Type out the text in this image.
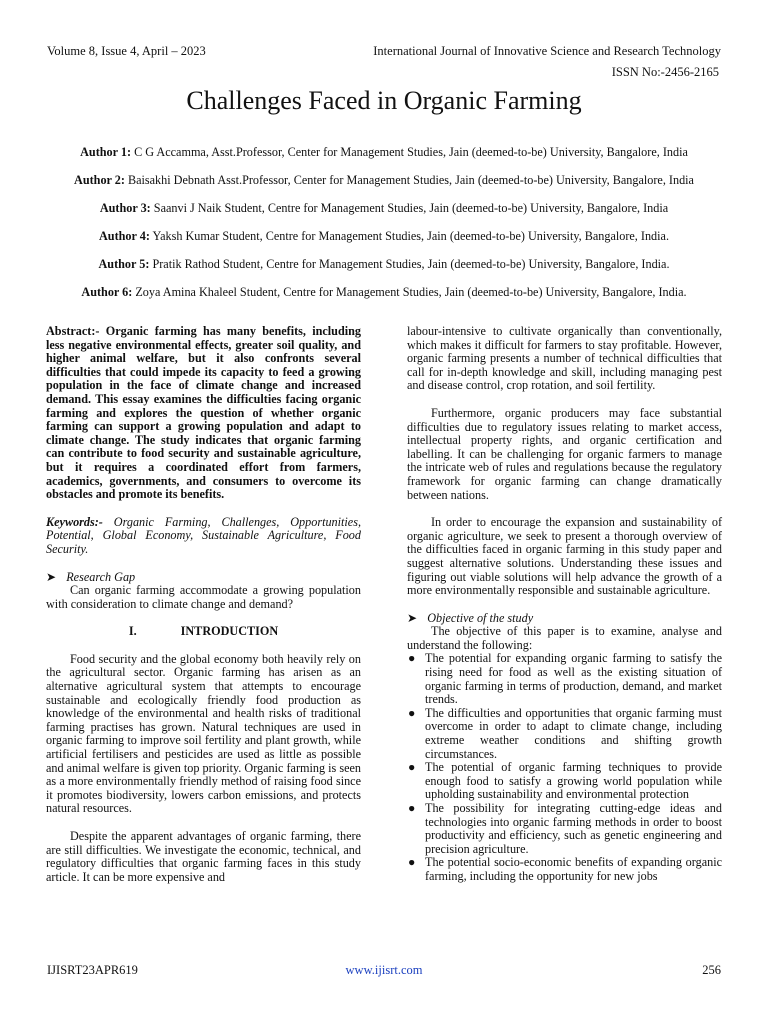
Volume 8, Issue 4, April – 2023	International Journal of Innovative Science and Research Technology
ISSN No:-2456-2165
Challenges Faced in Organic Farming
Author 1: C G Accamma, Asst.Professor, Center for Management Studies, Jain (deemed-to-be) University, Bangalore, India
Author 2: Baisakhi Debnath Asst.Professor, Center for Management Studies, Jain (deemed-to-be) University, Bangalore, India
Author 3: Saanvi J Naik Student, Centre for Management Studies, Jain (deemed-to-be) University, Bangalore, India
Author 4: Yaksh Kumar Student, Centre for Management Studies, Jain (deemed-to-be) University, Bangalore, India.
Author 5: Pratik Rathod Student, Centre for Management Studies, Jain (deemed-to-be) University, Bangalore, India.
Author 6: Zoya Amina Khaleel Student, Centre for Management Studies, Jain (deemed-to-be) University, Bangalore, India.

Abstract:- Organic farming has many benefits, including less negative environmental effects, greater soil quality, and higher animal welfare, but it also confronts several difficulties that could impede its capacity to feed a growing population in the face of climate change and increased demand. This essay examines the difficulties facing organic farming and explores the question of whether organic farming can support a growing population and adapt to climate change. The study indicates that organic farming can contribute to food security and sustainable agriculture, but it requires a coordinated effort from farmers, academics, governments, and consumers to overcome its obstacles and promote its benefits.

Keywords:- Organic Farming, Challenges, Opportunities, Potential, Global Economy, Sustainable Agriculture, Food Security.

➤ Research Gap

Can organic farming accommodate a growing population with consideration to climate change and demand?

I.	INTRODUCTION

Food security and the global economy both heavily rely on the agricultural sector. Organic farming has arisen as an alternative agricultural system that attempts to encourage sustainable and ecologically friendly food production as knowledge of the environmental and health risks of traditional farming practises has grown. Natural techniques are used in organic farming to improve soil fertility and plant growth, while artificial fertilisers and pesticides are used as little as possible and animal welfare is given top priority. Organic farming is seen as a more environmentally friendly method of raising food since it promotes biodiversity, lowers carbon emissions, and protects natural resources.

Despite the apparent advantages of organic farming, there are still difficulties. We investigate the economic, technical, and regulatory difficulties that organic farming faces in this study article. It can be more expensive and

labour-intensive to cultivate organically than conventionally, which makes it difficult for farmers to stay profitable. However, organic farming presents a number of technical difficulties that call for in-depth knowledge and skill, including managing pest and disease control, crop rotation, and soil fertility.

Furthermore, organic producers may face substantial difficulties due to regulatory issues relating to market access, intellectual property rights, and organic certification and labelling. It can be challenging for organic farmers to manage the intricate web of rules and regulations because the regulatory framework for organic farming can change dramatically between nations.

In order to encourage the expansion and sustainability of organic agriculture, we seek to present a thorough overview of the difficulties faced in organic farming in this study paper and suggest alternative solutions. Understanding these issues and figuring out viable solutions will help advance the growth of a more environmentally responsible and sustainable agriculture.

➤ Objective of the study

The objective of this paper is to examine, analyse and understand the following:

● The potential for expanding organic farming to satisfy the rising need for food as well as the existing situation of organic farming in terms of production, demand, and market trends.
● The difficulties and opportunities that organic farming must overcome in order to adapt to climate change, including extreme weather conditions and shifting growth circumstances.
● The potential of organic farming techniques to provide enough food to satisfy a growing world population while upholding sustainability and environmental protection
● The possibility for integrating cutting-edge ideas and technologies into organic farming methods in order to boost productivity and efficiency, such as genetic engineering and precision agriculture.
● The potential socio-economic benefits of expanding organic farming, including the opportunity for new jobs
IJISRT23APR619	www.ijisrt.com	256
